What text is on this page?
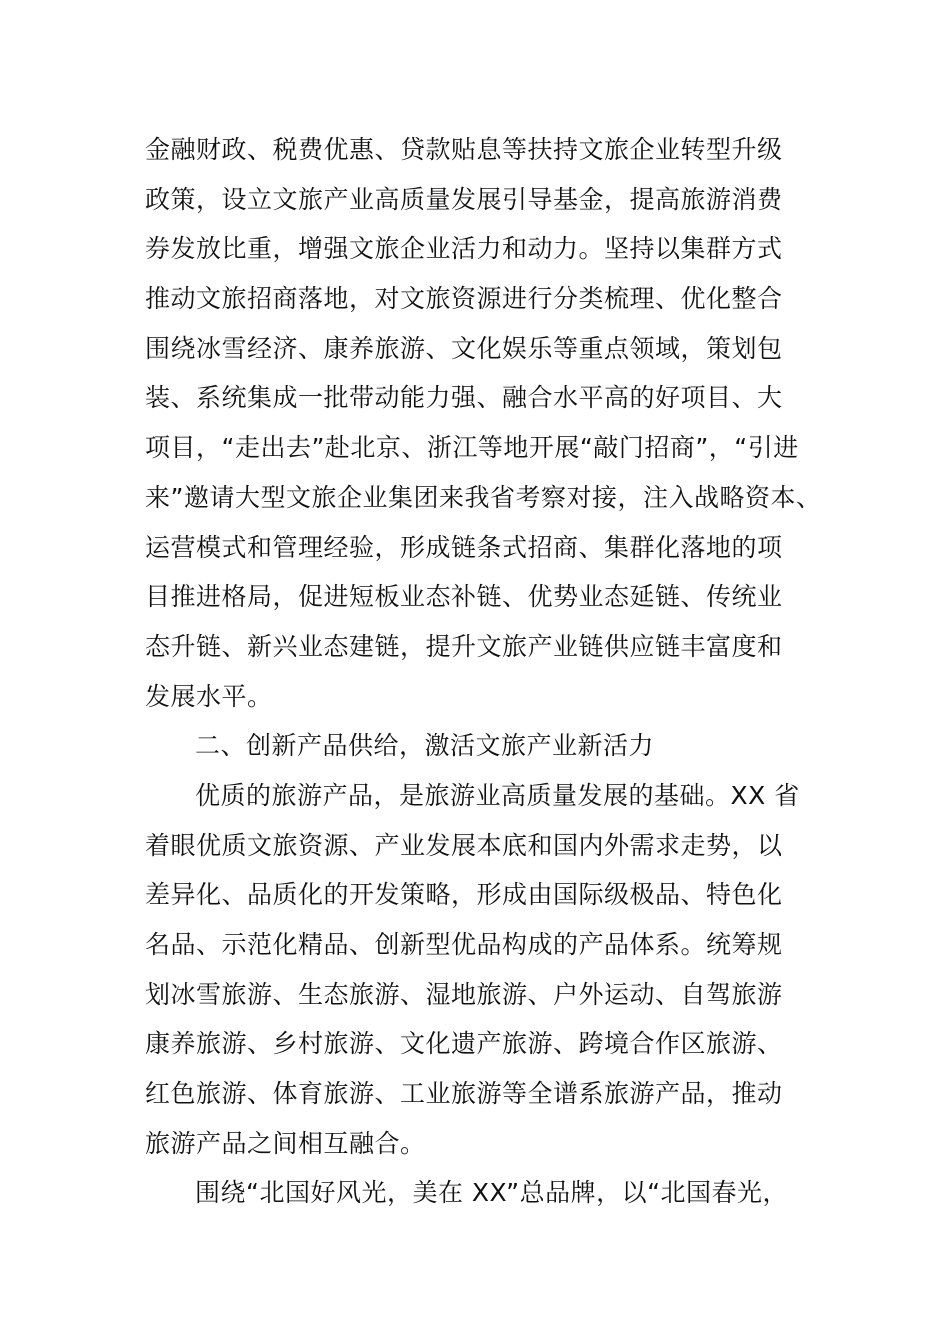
金融财政、税费优惠、贷款贴息等扶持文旅企业转型升级
政策，设立文旅产业高质量发展引导基金，提高旅游消费
券发放比重，增强文旅企业活力和动力。坚持以集群方式
推动文旅招商落地，对文旅资源进行分类梳理、优化整合
围绕冰雪经济、康养旅游、文化娱乐等重点领域，策划包
装、系统集成一批带动能力强、融合水平高的好项目、大
项目，“走出去”赴北京、浙江等地开展“敲门招商”，“引进
来”邀请大型文旅企业集团来我省考察对接，注入战略资本、
运营模式和管理经验，形成链条式招商、集群化落地的项
目推进格局，促进短板业态补链、优势业态延链、传统业
态升链、新兴业态建链，提升文旅产业链供应链丰富度和
发展水平。
二、创新产品供给，激活文旅产业新活力
优质的旅游产品，是旅游业高质量发展的基础。XX 省
着眼优质文旅资源、产业发展本底和国内外需求走势，以
差异化、品质化的开发策略，形成由国际级极品、特色化
名品、示范化精品、创新型优品构成的产品体系。统筹规
划冰雪旅游、生态旅游、湿地旅游、户外运动、自驾旅游
康养旅游、乡村旅游、文化遗产旅游、跨境合作区旅游、
红色旅游、体育旅游、工业旅游等全谱系旅游产品，推动
旅游产品之间相互融合。
围绕“北国好风光，美在 XX”总品牌，以“北国春光，
